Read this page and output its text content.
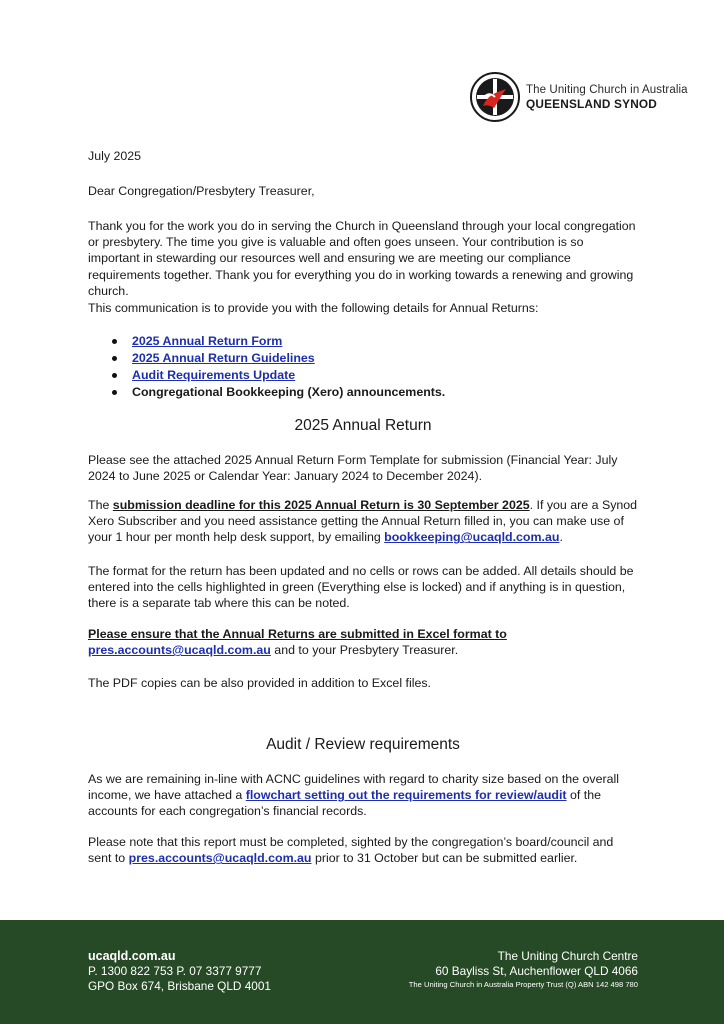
The Uniting Church in Australia
QUEENSLAND SYNOD
July 2025
Dear Congregation/Presbytery Treasurer,
Thank you for the work you do in serving the Church in Queensland through your local congregation or presbytery. The time you give is valuable and often goes unseen. Your contribution is so important in stewarding our resources well and ensuring we are meeting our compliance requirements together. Thank you for everything you do in working towards a renewing and growing church.
This communication is to provide you with the following details for Annual Returns:
2025 Annual Return Form
2025 Annual Return Guidelines
Audit Requirements Update
Congregational Bookkeeping (Xero) announcements.
2025 Annual Return
Please see the attached 2025 Annual Return Form Template for submission (Financial Year: July 2024 to June 2025 or Calendar Year: January 2024 to December 2024).
The submission deadline for this 2025 Annual Return is 30 September 2025. If you are a Synod Xero Subscriber and you need assistance getting the Annual Return filled in, you can make use of your 1 hour per month help desk support, by emailing bookkeeping@ucaqld.com.au.
The format for the return has been updated and no cells or rows can be added. All details should be entered into the cells highlighted in green (Everything else is locked) and if anything is in question, there is a separate tab where this can be noted.
Please ensure that the Annual Returns are submitted in Excel format to
pres.accounts@ucaqld.com.au and to your Presbytery Treasurer.
The PDF copies can be also provided in addition to Excel files.
Audit / Review requirements
As we are remaining in-line with ACNC guidelines with regard to charity size based on the overall income, we have attached a flowchart setting out the requirements for review/audit of the accounts for each congregation’s financial records.
Please note that this report must be completed, sighted by the congregation’s board/council and sent to pres.accounts@ucaqld.com.au prior to 31 October but can be submitted earlier.
ucaqld.com.au
P. 1300 822 753 P. 07 3377 9777
GPO Box 674, Brisbane QLD 4001
The Uniting Church Centre
60 Bayliss St, Auchenflower QLD 4066
The Uniting Church in Australia Property Trust (Q) ABN 142 498 780
